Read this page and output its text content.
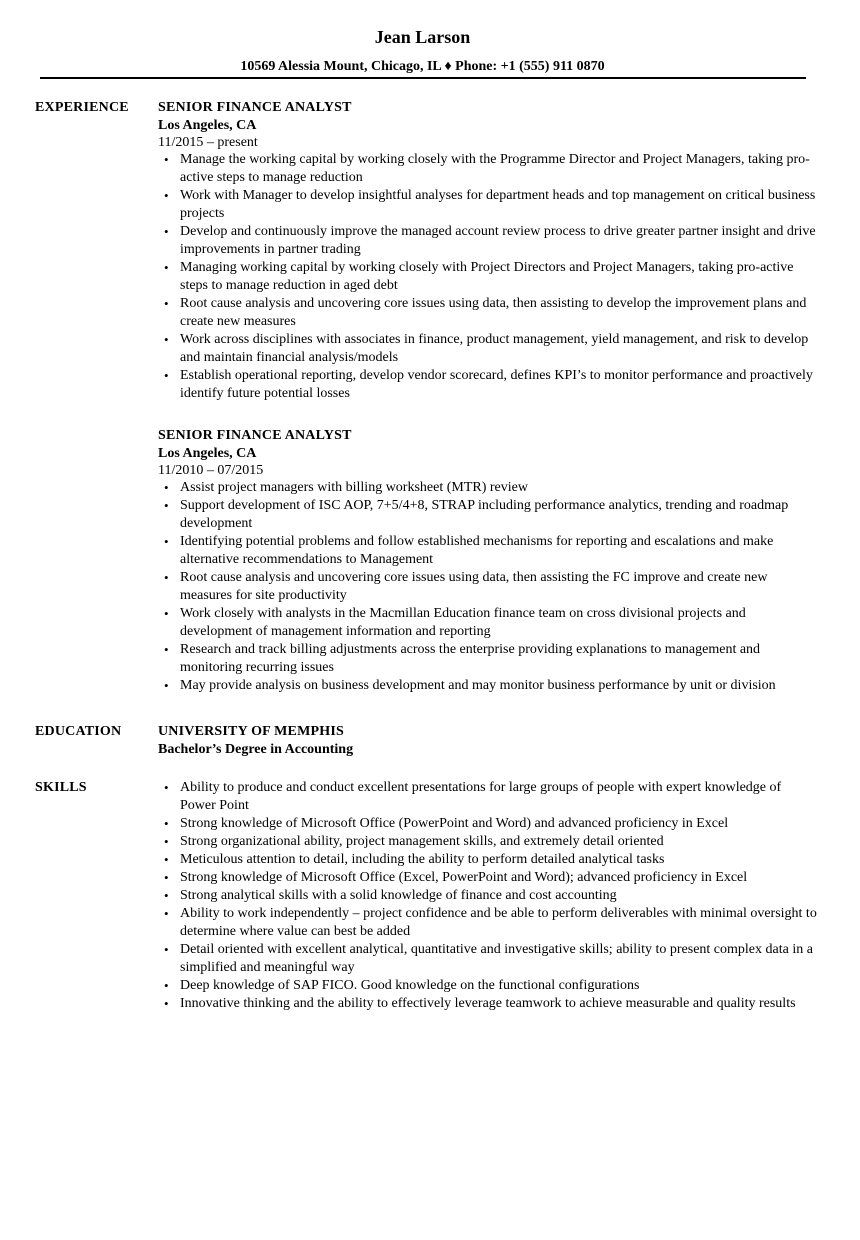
Jean Larson
10569 Alessia Mount, Chicago, IL ♦ Phone: +1 (555) 911 0870
EXPERIENCE SENIOR FINANCE ANALYST
Los Angeles, CA
11/2015 – present
• Manage the working capital by working closely with the Programme Director and Project Managers, taking pro-active steps to manage reduction
• Work with Manager to develop insightful analyses for department heads and top management on critical business projects
• Develop and continuously improve the managed account review process to drive greater partner insight and drive improvements in partner trading
• Managing working capital by working closely with Project Directors and Project Managers, taking pro-active steps to manage reduction in aged debt
• Root cause analysis and uncovering core issues using data, then assisting to develop the improvement plans and create new measures
• Work across disciplines with associates in finance, product management, yield management, and risk to develop and maintain financial analysis/models
• Establish operational reporting, develop vendor scorecard, defines KPI’s to monitor performance and proactively identify future potential losses
SENIOR FINANCE ANALYST
Los Angeles, CA
11/2010 – 07/2015
• Assist project managers with billing worksheet (MTR) review
• Support development of ISC AOP, 7+5/4+8, STRAP including performance analytics, trending and roadmap development
• Identifying potential problems and follow established mechanisms for reporting and escalations and make alternative recommendations to Management
• Root cause analysis and uncovering core issues using data, then assisting the FC improve and create new measures for site productivity
• Work closely with analysts in the Macmillan Education finance team on cross divisional projects and development of management information and reporting
• Research and track billing adjustments across the enterprise providing explanations to management and monitoring recurring issues
• May provide analysis on business development and may monitor business performance by unit or division
EDUCATION	UNIVERSITY OF MEMPHIS
Bachelor’s Degree in Accounting
SKILLS	• Ability to produce and conduct excellent presentations for large groups of people with expert knowledge of Power Point
• Strong knowledge of Microsoft Office (PowerPoint and Word) and advanced proficiency in Excel
• Strong organizational ability, project management skills, and extremely detail oriented
• Meticulous attention to detail, including the ability to perform detailed analytical tasks
• Strong knowledge of Microsoft Office (Excel, PowerPoint and Word); advanced proficiency in Excel
• Strong analytical skills with a solid knowledge of finance and cost accounting
• Ability to work independently – project confidence and be able to perform deliverables with minimal oversight to determine where value can best be added
• Detail oriented with excellent analytical, quantitative and investigative skills; ability to present complex data in a simplified and meaningful way
• Deep knowledge of SAP FICO. Good knowledge on the functional configurations
• Innovative thinking and the ability to effectively leverage teamwork to achieve measurable and quality results
